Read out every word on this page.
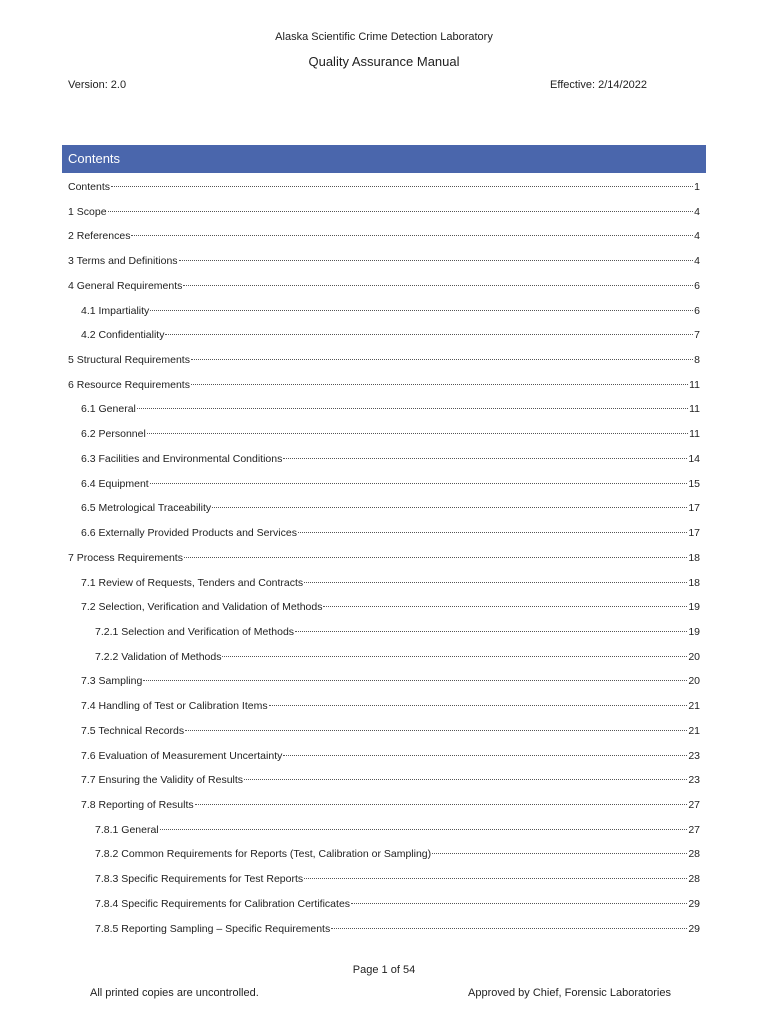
Alaska Scientific Crime Detection Laboratory
Quality Assurance Manual
Version: 2.0	Effective: 2/14/2022
Contents
Contents	1
1 Scope	4
2 References	4
3 Terms and Definitions	4
4 General Requirements	6
4.1 Impartiality	6
4.2 Confidentiality	7
5 Structural Requirements	8
6 Resource Requirements	11
6.1 General	11
6.2 Personnel	11
6.3 Facilities and Environmental Conditions	14
6.4 Equipment	15
6.5 Metrological Traceability	17
6.6 Externally Provided Products and Services	17
7 Process Requirements	18
7.1 Review of Requests, Tenders and Contracts	18
7.2 Selection, Verification and Validation of Methods	19
7.2.1 Selection and Verification of Methods	19
7.2.2 Validation of Methods	20
7.3 Sampling	20
7.4 Handling of Test or Calibration Items	21
7.5 Technical Records	21
7.6 Evaluation of Measurement Uncertainty	23
7.7 Ensuring the Validity of Results	23
7.8 Reporting of Results	27
7.8.1 General	27
7.8.2 Common Requirements for Reports (Test, Calibration or Sampling)	28
7.8.3 Specific Requirements for Test Reports	28
7.8.4 Specific Requirements for Calibration Certificates	29
7.8.5 Reporting Sampling – Specific Requirements	29
Page 1 of 54
All printed copies are uncontrolled.	Approved by Chief, Forensic Laboratories
